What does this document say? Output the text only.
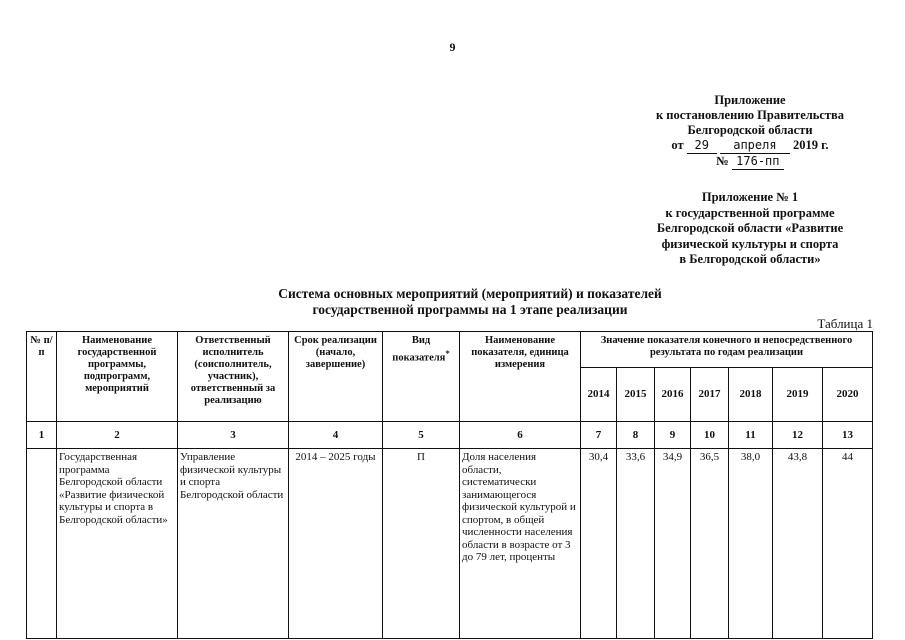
9
Приложение
к постановлению Правительства
Белгородской области
от 29 апреля 2019 г.
№ 176-пп
Приложение № 1
к государственной программе
Белгородской области «Развитие
физической культуры и спорта
в Белгородской области»
Система основных мероприятий (мероприятий) и показателей
государственной программы на 1 этапе реализации
Таблица 1
№ п/п	Наименование государственной программы, подпрограмм, мероприятий	Ответственный исполнитель (соисполнитель, участник), ответственный за реализацию	Срок реализации (начало, завершение)	Вид показателя*	Наименование показателя, единица измерения	Значение показателя конечного и непосредственного результата по годам реализации						
						2014	2015	2016	2017	2018	2019	2020
1	2	3	4	5	6	7	8	9	10	11	12	13
	Государственная программа Белгородской области «Развитие физической культуры и спорта в Белгородской области»	Управление физической культуры и спорта Белгородской области	2014 – 2025 годы	П	Доля населения области, систематически занимающегося физической культурой и спортом, в общей численности населения области в возрасте от 3 до 79 лет, проценты	30,4	33,6	34,9	36,5	38,0	43,8	44
